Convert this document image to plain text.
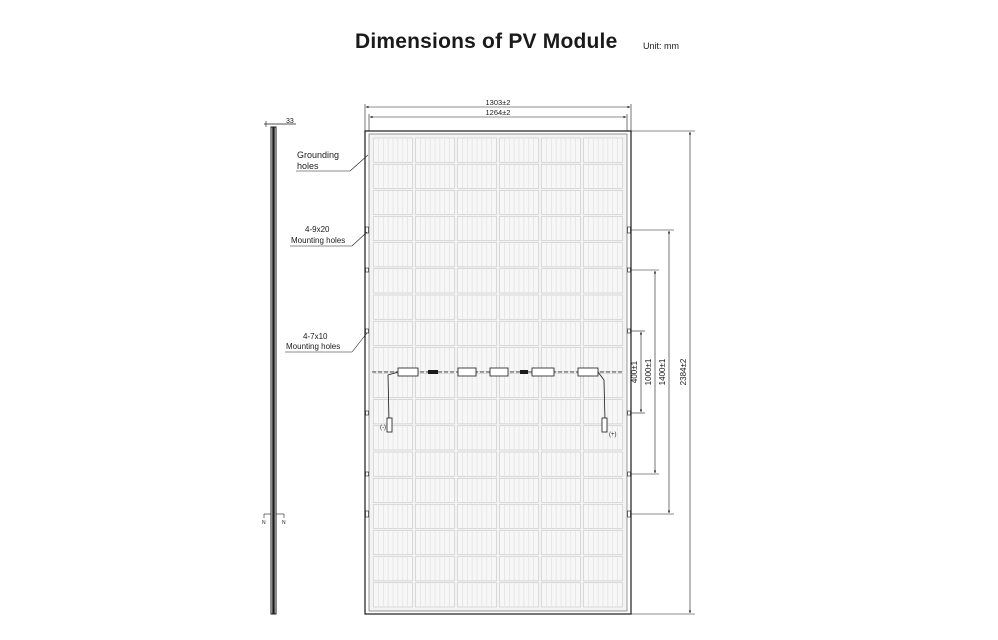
Dimensions of PV Module	Unit: mm
33
N	N
1303±2
1264±2
2384±2
1400±1
1000±1
400±1
(-)
(+)
Grounding
holes
4-9x20
Mounting holes
4-7x10
Mounting holes
